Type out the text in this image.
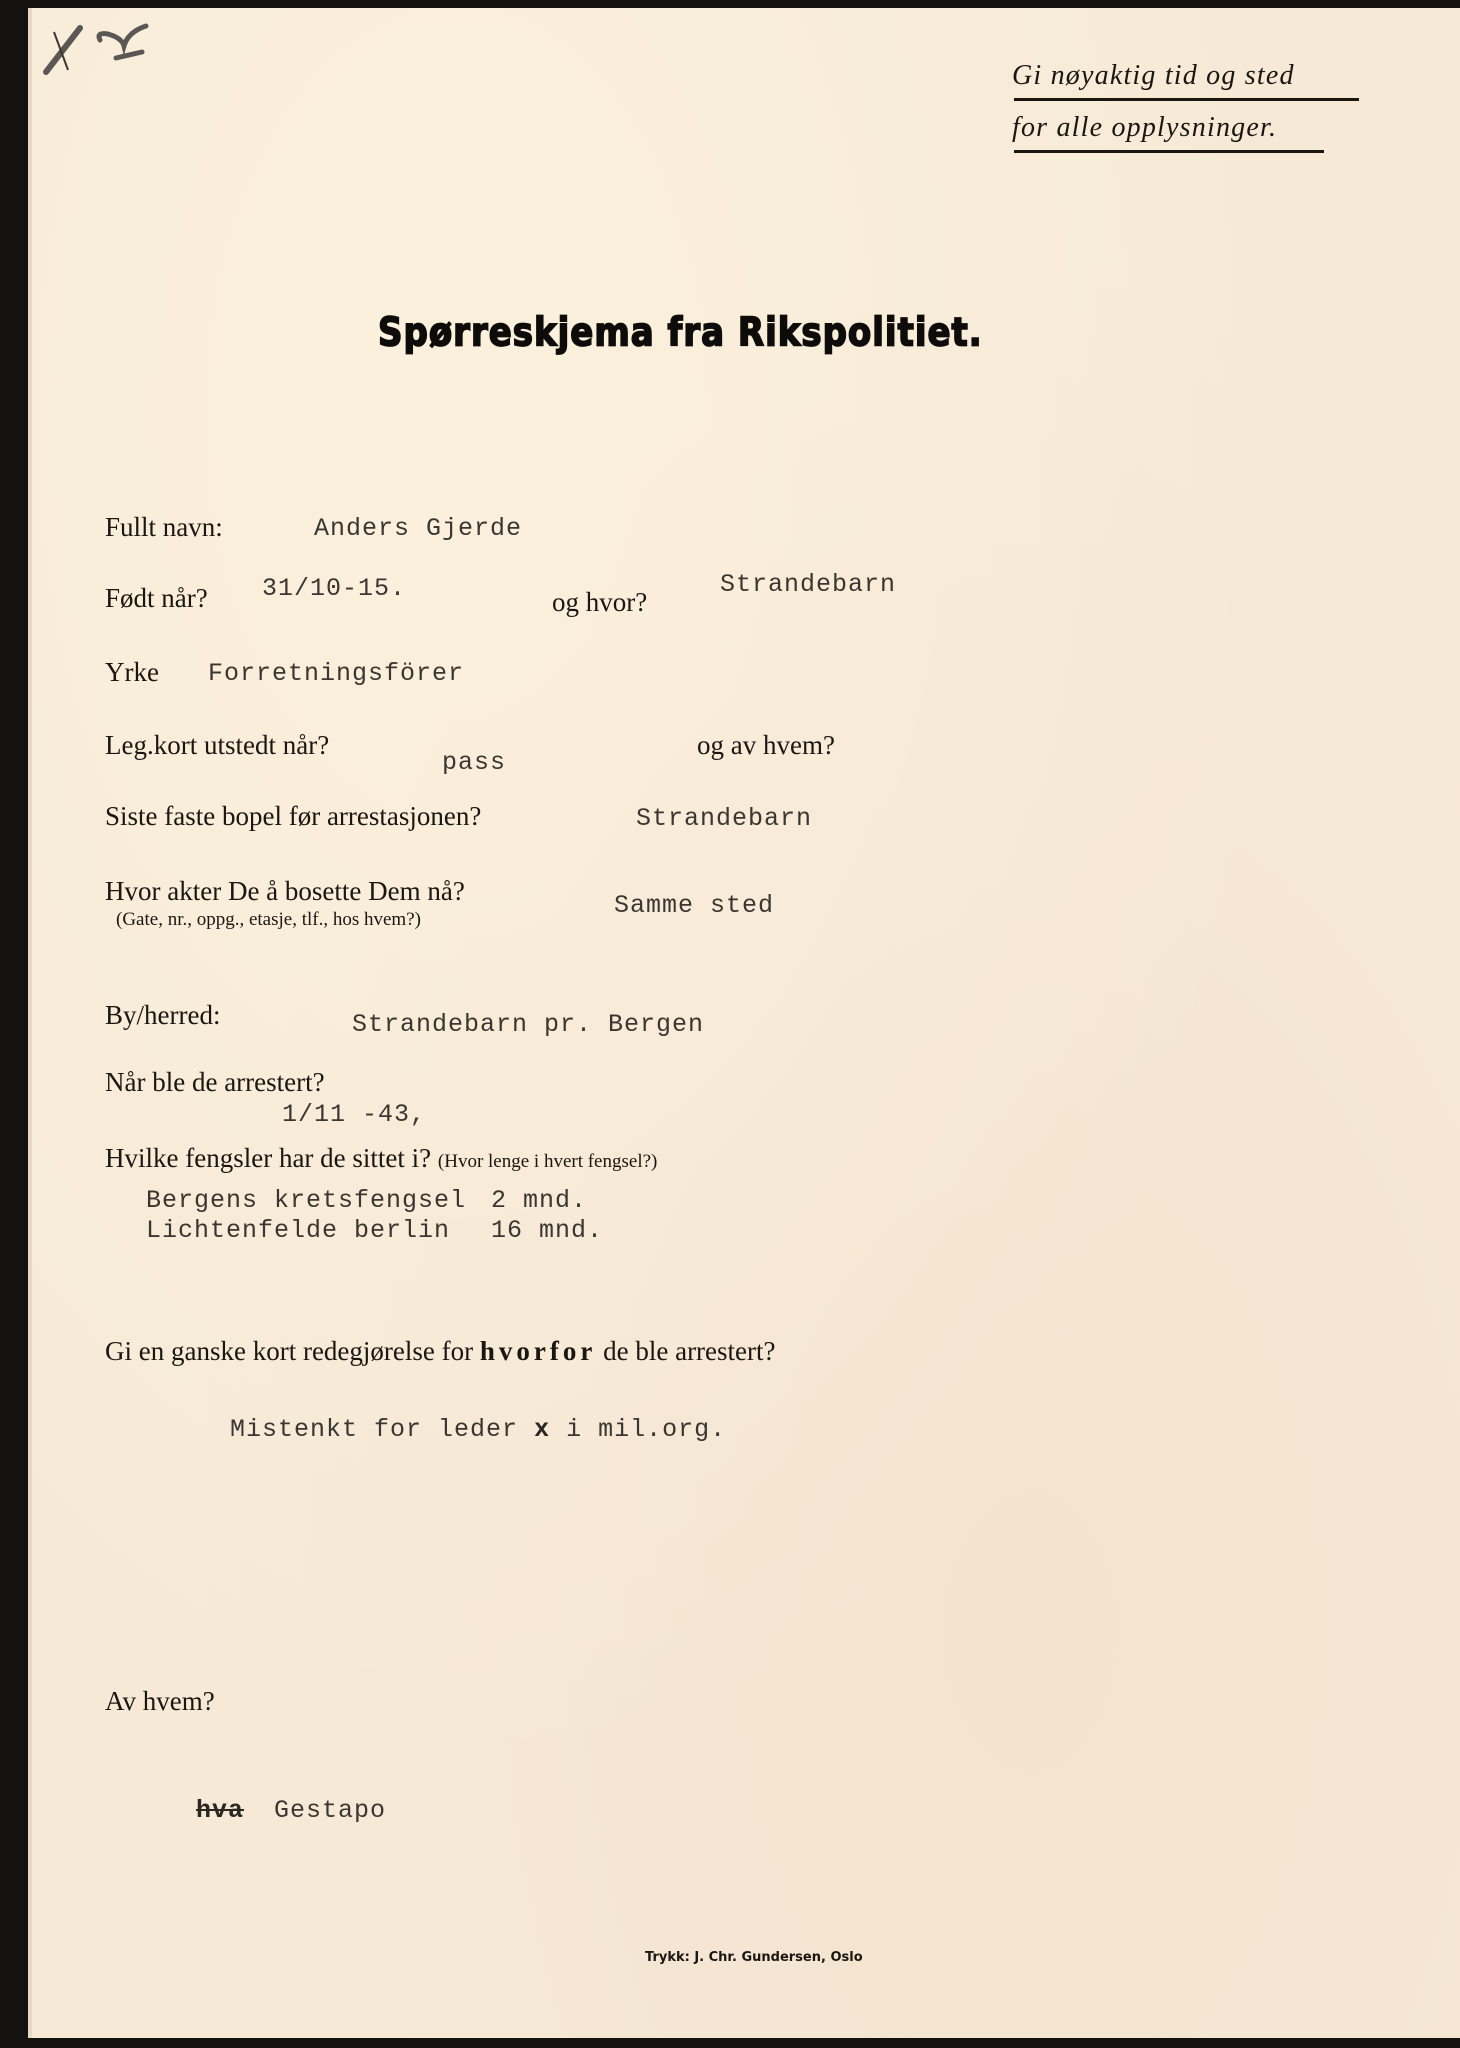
Gi nøyaktig tid og sted
for alle opplysninger.
Spørreskjema fra Rikspolitiet.
Fullt navn:	Anders Gjerde
Født når? 31/10-15.	og hvor?
Strandebarn
Yrke Forretningsförer
Leg.kort utstedt når?
pass
og av hvem?
Siste faste bopel før arrestasjonen?	Strandebarn
Hvor akter De å bosette Dem nå?
(Gate, nr., oppg., etasje, tlf., hos hvem?)	Samme sted
By/herred:	Strandebarn pr. Bergen
Når ble de arrestert?
1/11 -43,
Hvilke fengsler har de sittet i? (Hvor lenge i hvert fengsel?)
Bergens kretsfengsel 2 mnd.
Lichtenfelde berlin 16 mnd.
Gi en ganske kort redegjørelse for hvorfor de ble arrestert?
Mistenkt for leder x i mil.org.
Av hvem?
hva Gestapo
Trykk: J. Chr. Gundersen, Oslo
